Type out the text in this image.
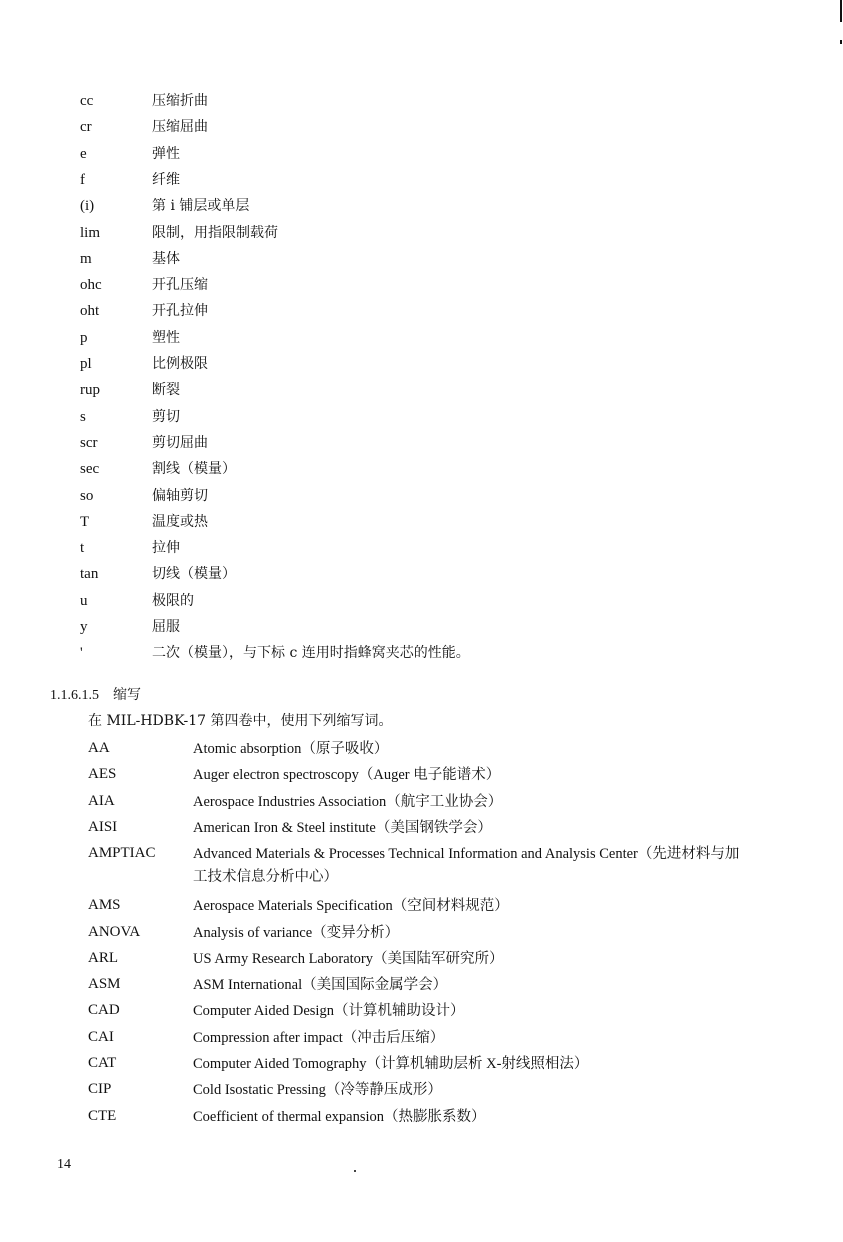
cc	压缩折曲
cr	压缩屈曲
e	弹性
f	纤维
(i)	第 i 铺层或单层
lim	限制，用指限制载荷
m	基体
ohc	开孔压缩
oht	开孔拉伸
p	塑性
pl	比例极限
rup	断裂
s	剪切
scr	剪切屈曲
sec	割线（模量）
so	偏轴剪切
T	温度或热
t	拉伸
tan	切线（模量）
u	极限的
y	屈服
'	二次（模量），与下标 c 连用时指蜂窝夹芯的性能。
1.1.6.1.5 缩写
在 MIL-HDBK-17 第四卷中，使用下列缩写词。
AA	Atomic absorption（原子吸收）
AES	Auger electron spectroscopy（Auger 电子能谱术）
AIA	Aerospace Industries Association（航宇工业协会）
AISI	American Iron & Steel institute（美国钢铁学会）
AMPTIAC	Advanced Materials & Processes Technical Information and Analysis Center（先进材料与加工技术信息分析中心）
AMS	Aerospace Materials Specification（空间材料规范）
ANOVA	Analysis of variance（变异分析）
ARL	US Army Research Laboratory（美国陆军研究所）
ASM	ASM International（美国国际金属学会）
CAD	Computer Aided Design（计算机辅助设计）
CAI	Compression after impact（冲击后压缩）
CAT	Computer Aided Tomography（计算机辅助层析 X-射线照相法）
CIP	Cold Isostatic Pressing（冷等静压成形）
CTE	Coefficient of thermal expansion（热膨胀系数）
14
